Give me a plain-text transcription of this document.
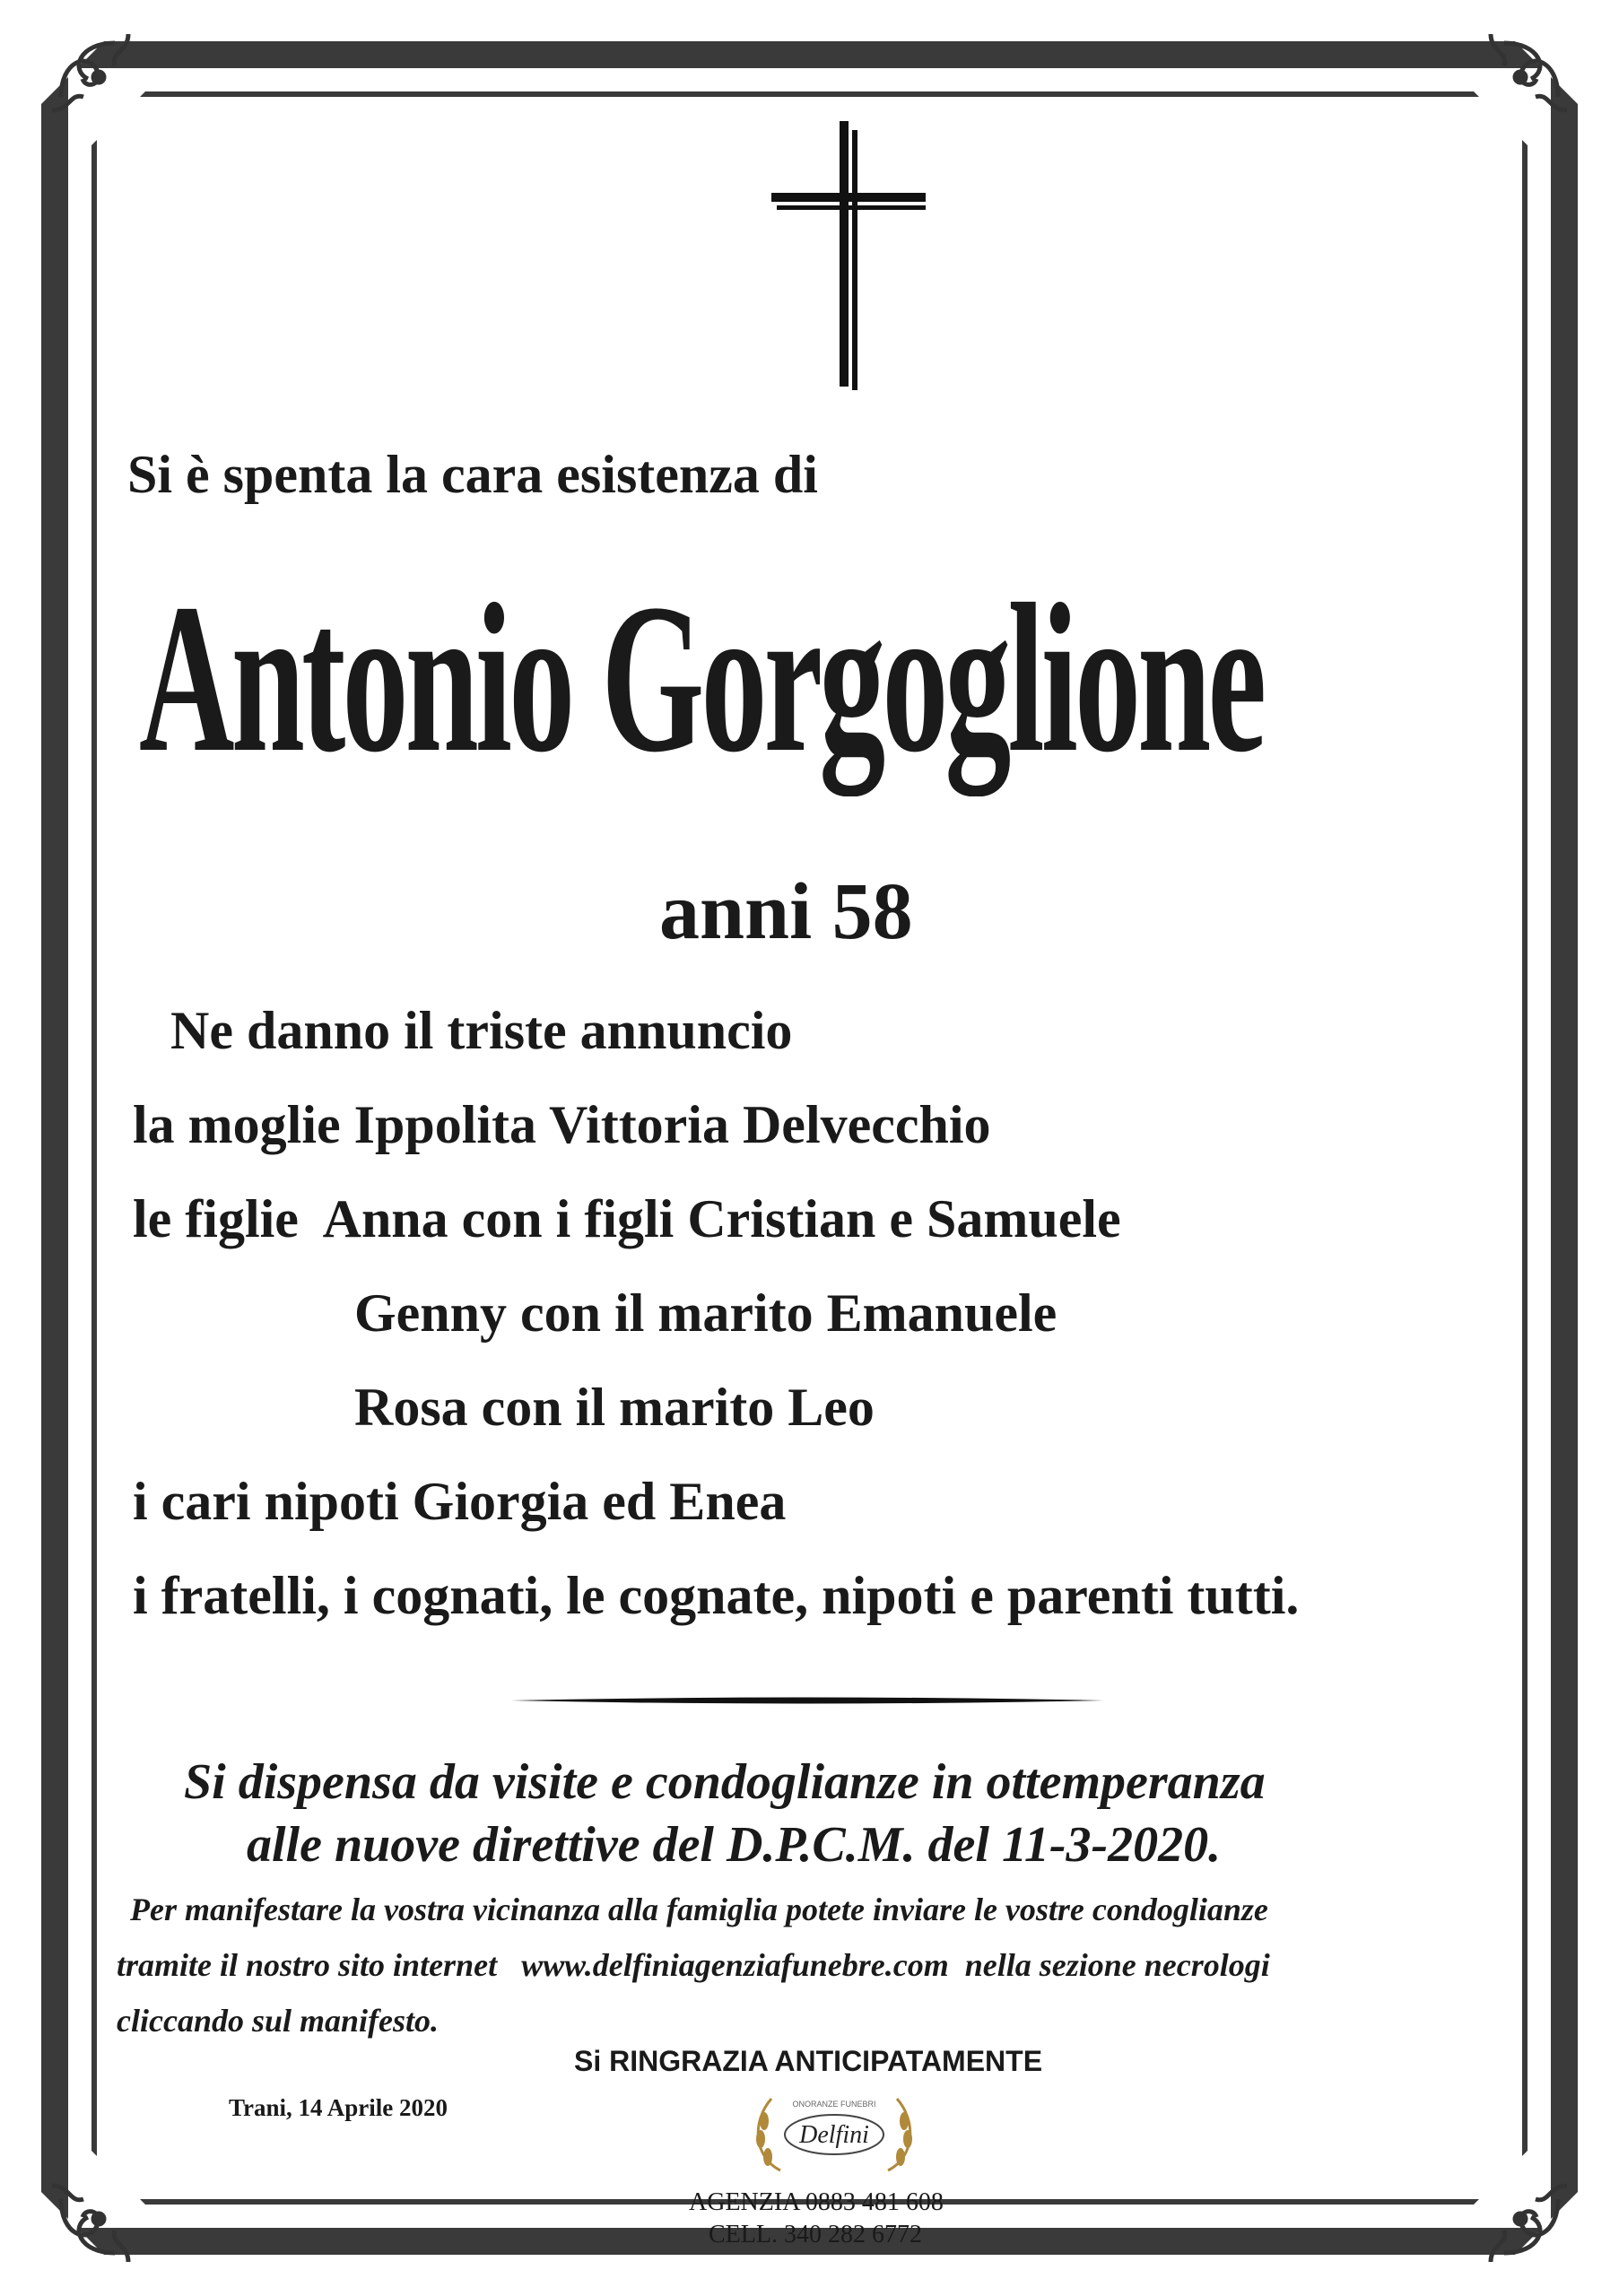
Si è spenta la cara esistenza di
Antonio Gorgoglione
anni 58
Ne danno il triste annuncio
la moglie Ippolita Vittoria Delvecchio
le figlie  Anna con i figli Cristian e Samuele
Genny con il marito Emanuele
Rosa con il marito Leo
i cari nipoti Giorgia ed Enea
i fratelli, i cognati, le cognate, nipoti e parenti tutti.
Si dispensa da visite e condoglianze in ottemperanza
alle nuove direttive del D.P.C.M. del 11-3-2020.
Per manifestare la vostra vicinanza alla famiglia potete inviare le vostre condoglianze
tramite il nostro sito internet   www.delfiniagenziafunebre.com  nella sezione necrologi
cliccando sul manifesto.
Si RINGRAZIA ANTICIPATAMENTE
Trani, 14 Aprile 2020	ONORANZE FUNEBRI
Delfini
AGENZIA 0883 481 608
CELL. 340 282 6772
